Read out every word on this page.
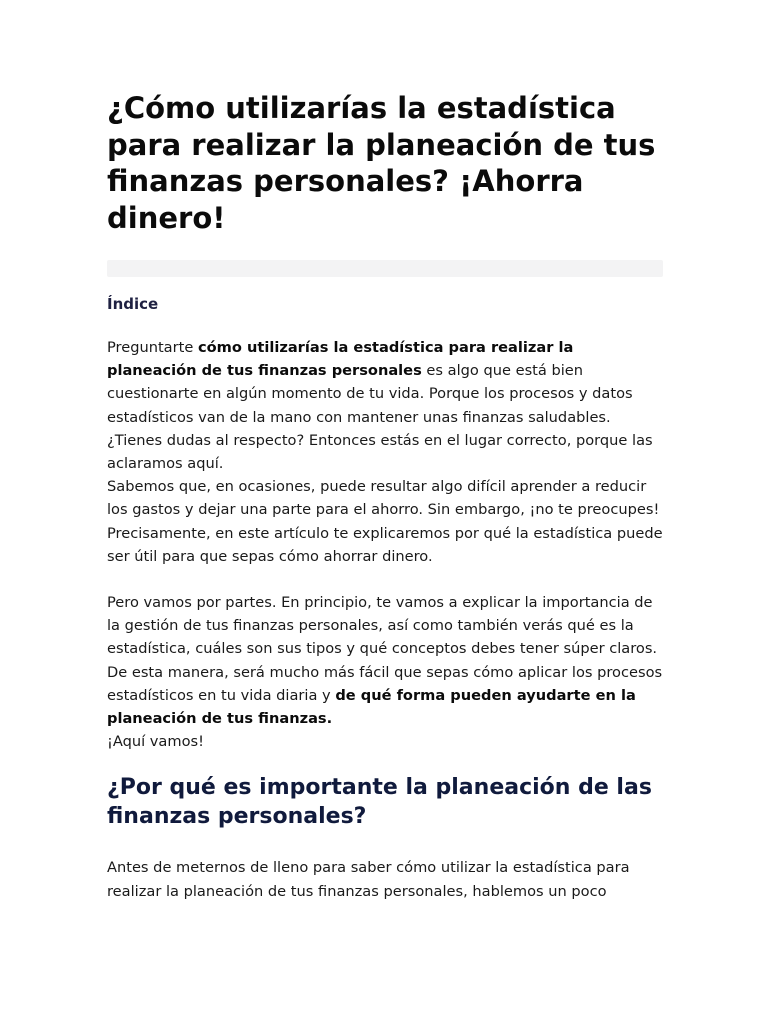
¿Cómo utilizarías la estadística para realizar la planeación de tus finanzas personales? ¡Ahorra dinero!
Índice

Preguntarte cómo utilizarías la estadística para realizar la planeación de tus finanzas personales es algo que está bien cuestionarte en algún momento de tu vida. Porque los procesos y datos estadísticos van de la mano con mantener unas finanzas saludables. ¿Tienes dudas al respecto? Entonces estás en el lugar correcto, porque las aclaramos aquí.

Sabemos que, en ocasiones, puede resultar algo difícil aprender a reducir los gastos y dejar una parte para el ahorro. Sin embargo, ¡no te preocupes! Precisamente, en este artículo te explicaremos por qué la estadística puede ser útil para que sepas cómo ahorrar dinero.

Pero vamos por partes. En principio, te vamos a explicar la importancia de la gestión de tus finanzas personales, así como también verás qué es la estadística, cuáles son sus tipos y qué conceptos debes tener súper claros. De esta manera, será mucho más fácil que sepas cómo aplicar los procesos estadísticos en tu vida diaria y de qué forma pueden ayudarte en la planeación de tus finanzas.
¡Aquí vamos!

¿Por qué es importante la planeación de las finanzas personales?

Antes de meternos de lleno para saber cómo utilizar la estadística para realizar la planeación de tus finanzas personales, hablemos un poco
